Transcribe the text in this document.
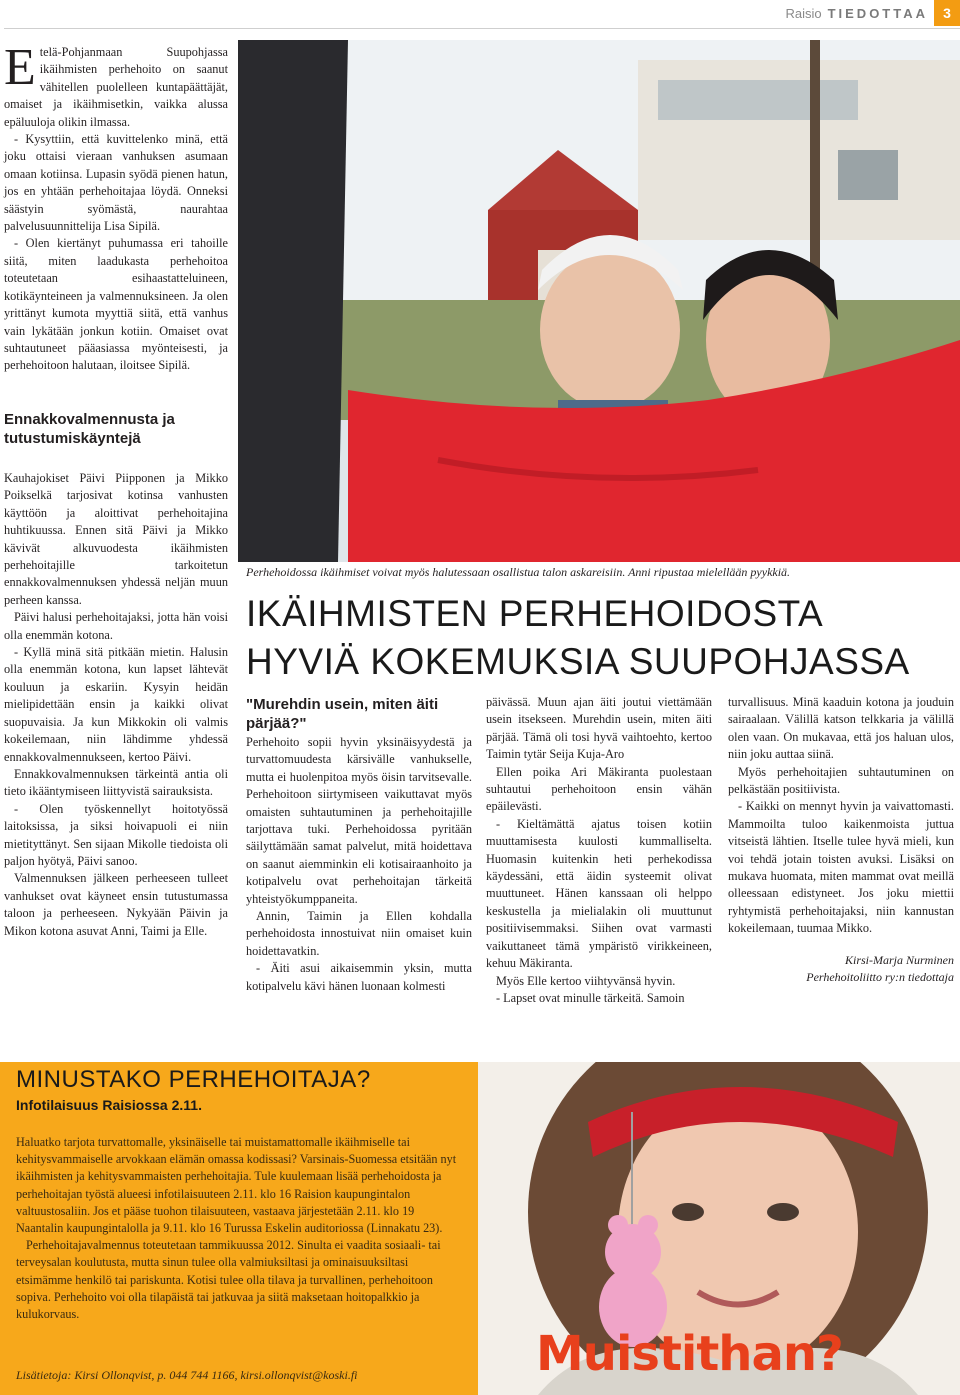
Raisio TIEDOTTAA	3

Etelä-Pohjanmaan Suupohjassa ikäihmisten perhehoito on saanut vähitellen puolelleen kuntapäättäjät, omaiset ja ikäihmisetkin, vaikka alussa epäluuloja olikin ilmassa.

- Kysyttiin, että kuvittelenko minä, että joku ottaisi vieraan vanhuksen asumaan omaan kotiinsa. Lupasin syödä pienen hatun, jos en yhtään perhehoitajaa löydä. Onneksi säästyin syömästä, naurahtaa palvelusuunnittelija Lisa Sipilä.

- Olen kiertänyt puhumassa eri tahoille siitä, miten laadukasta perhehoitoa toteutetaan esihaastatteluineen, kotikäynteineen ja valmennuksineen. Ja olen yrittänyt kumota myyttiä siitä, että vanhus vain lykätään jonkun kotiin. Omaiset ovat suhtautuneet pääasiassa myönteisesti, ja perhehoitoon halutaan, iloitsee Sipilä.

Ennakkovalmennusta ja tutustumiskäyntejä

Kauhajokiset Päivi Piipponen ja Mikko Poikselkä tarjosivat kotinsa vanhusten käyttöön ja aloittivat perhehoitajina huhtikuussa. Ennen sitä Päivi ja Mikko kävivät alkuvuodesta ikäihmisten perhehoitajille tarkoitetun ennakkovalmennuksen yhdessä neljän muun perheen kanssa.

Päivi halusi perhehoitajaksi, jotta hän voisi olla enemmän kotona.

- Kyllä minä sitä pitkään mietin. Halusin olla enemmän kotona, kun lapset lähtevät kouluun ja eskariin. Kysyin heidän mielipidettään ensin ja kaikki olivat suopuvaisia. Ja kun Mikkokin oli valmis kokeilemaan, niin lähdimme yhdessä ennakkovalmennukseen, kertoo Päivi.

Ennakkovalmennuksen tärkeintä antia oli tieto ikääntymiseen liittyvistä sairauksista.

- Olen työskennellyt hoitotyössä laitoksissa, ja siksi hoivapuoli ei niin mietityttänyt. Sen sijaan Mikolle tiedoista oli paljon hyötyä, Päivi sanoo.

Valmennuksen jälkeen perheeseen tulleet vanhukset ovat käyneet ensin tutustumassa taloon ja perheeseen. Nykyään Päivin ja Mikon kotona asuvat Anni, Taimi ja Elle.

Perhehoidossa ikäihmiset voivat myös halutessaan osallistua talon askareisiin. Anni ripustaa mielellään pyykkiä.
IKÄIHMISTEN PERHEHOIDOSTA
HYVIÄ KOKEMUKSIA SUUPOHJASSA
"Murehdin usein, miten äiti pärjää?"

Perhehoito sopii hyvin yksinäisyydestä ja turvattomuudesta kärsivälle vanhukselle, mutta ei huolenpitoa myös öisin tarvitsevalle. Perhehoitoon siirtymiseen vaikuttavat myös omaisten suhtautuminen ja perhehoitajille tarjottava tuki. Perhehoidossa pyritään säilyttämään samat palvelut, mitä hoidettava on saanut aiemminkin eli kotisairaanhoito ja kotipalvelu ovat perhehoitajan tärkeitä yhteistyökumppaneita.

Annin, Taimin ja Ellen kohdalla perhehoidosta innostuivat niin omaiset kuin hoidettavatkin.

- Äiti asui aikaisemmin yksin, mutta kotipalvelu kävi hänen luonaan kolmesti

päivässä. Muun ajan äiti joutui viettämään usein itsekseen. Murehdin usein, miten äiti pärjää. Tämä oli tosi hyvä vaihtoehto, kertoo Taimin tytär Seija Kuja-Aro

Ellen poika Ari Mäkiranta puolestaan suhtautui perhehoitoon ensin vähän epäilevästi.

- Kieltämättä ajatus toisen kotiin muuttamisesta kuulosti kummalliselta. Huomasin kuitenkin heti perhekodissa käydessäni, että äidin systeemit olivat muuttuneet. Hänen kanssaan oli helppo keskustella ja mielialakin oli muuttunut positiivisemmaksi. Siihen ovat varmasti vaikuttaneet tämä ympäristö virikkeineen, kehuu Mäkiranta.

Myös Elle kertoo viihtyvänsä hyvin.

- Lapset ovat minulle tärkeitä. Samoin

turvallisuus. Minä kaaduin kotona ja jouduin sairaalaan. Välillä katson telkkaria ja välillä olen vaan. On mukavaa, että jos haluan ulos, niin joku auttaa siinä.

Myös perhehoitajien suhtautuminen on pelkästään positiivista.

- Kaikki on mennyt hyvin ja vaivattomasti. Mammoilta tuloo kaikenmoista juttua vitseistä lähtien. Itselle tulee hyvä mieli, kun voi tehdä jotain toisten avuksi. Lisäksi on mukava huomata, miten mammat ovat meillä olleessaan edistyneet. Jos joku miettii ryhtymistä perhehoitajaksi, niin kannustan kokeilemaan, tuumaa Mikko.

Kirsi-Marja Nurminen
Perhehoitoliitto ry:n tiedottaja
MINUSTAKO PERHEHOITAJA?
Infotilaisuus Raisiossa 2.11.

Haluatko tarjota turvattomalle, yksinäiselle tai muistamattomalle ikäihmiselle tai kehitysvammaiselle arvokkaan elämän omassa kodissasi? Varsinais-Suomessa etsitään nyt ikäihmisten ja kehitysvammaisten perhehoitajia. Tule kuulemaan lisää perhehoidosta ja perhehoitajan työstä alueesi infotilaisuuteen 2.11. klo 16 Raision kaupungintalon valtuustosaliin. Jos et pääse tuohon tilaisuuteen, vastaava järjestetään 2.11. klo 19 Naantalin kaupungintalolla ja 9.11. klo 16 Turussa Eskelin auditoriossa (Linnakatu 23).

Perhehoitajavalmennus toteutetaan tammikuussa 2012. Sinulta ei vaadita sosiaali- tai terveysalan koulutusta, mutta sinun tulee olla valmiuksiltasi ja ominaisuuksiltasi etsimämme henkilö tai pariskunta. Kotisi tulee olla tilava ja turvallinen, perhehoitoon sopiva. Perhehoito voi olla tilapäistä tai jatkuvaa ja siitä maksetaan hoitopalkkio ja kulukorvaus.

Lisätietoja: Kirsi Ollonqvist, p. 044 744 1166, kirsi.ollonqvist@koski.fi	Muistithan?
